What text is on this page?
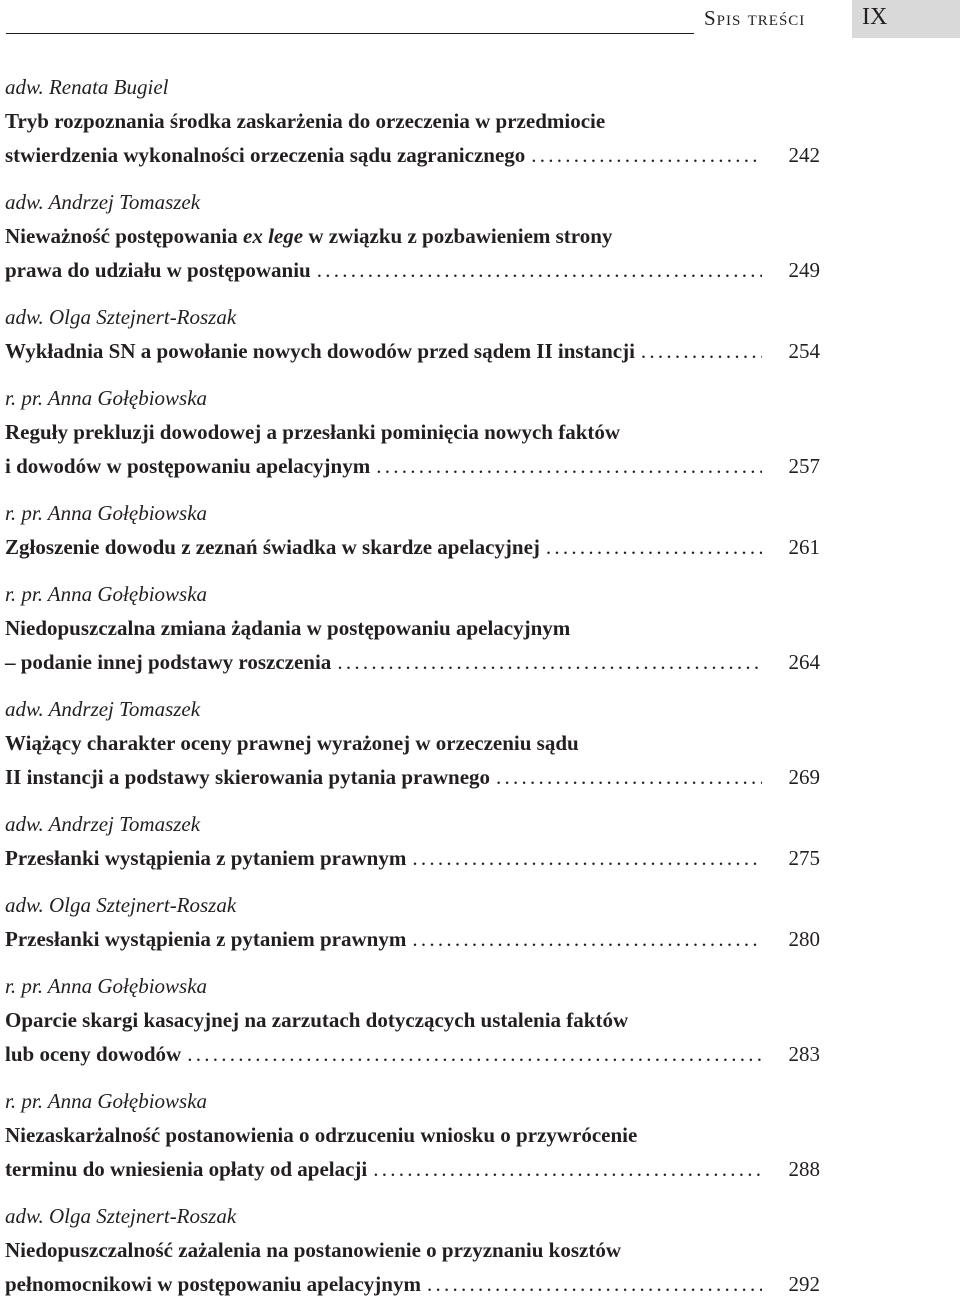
Spis treści IX
adw. Renata Bugiel
Tryb rozpoznania środka zaskarżenia do orzeczenia w przedmiocie
stwierdzenia wykonalności orzeczenia sądu zagranicznego . . .	242
adw. Andrzej Tomaszek
Nieważność postępowania ex lege w związku z pozbawieniem strony
prawa do udziału w postępowaniu . . .	249
adw. Olga Sztejnert-Roszak
Wykładnia SN a powołanie nowych dowodów przed sądem II instancji . . .	254
r. pr. Anna Gołębiowska
Reguły prekluzji dowodowej a przesłanki pominięcia nowych faktów
i dowodów w postępowaniu apelacyjnym . . .	257
r. pr. Anna Gołębiowska
Zgłoszenie dowodu z zeznań świadka w skardze apelacyjnej . . .	261
r. pr. Anna Gołębiowska
Niedopuszczalna zmiana żądania w postępowaniu apelacyjnym
– podanie innej podstawy roszczenia . . .	264
adw. Andrzej Tomaszek
Wiążący charakter oceny prawnej wyrażonej w orzeczeniu sądu
II instancji a podstawy skierowania pytania prawnego . . .	269
adw. Andrzej Tomaszek
Przesłanki wystąpienia z pytaniem prawnym . . .	275
adw. Olga Sztejnert-Roszak
Przesłanki wystąpienia z pytaniem prawnym . . .	280
r. pr. Anna Gołębiowska
Oparcie skargi kasacyjnej na zarzutach dotyczących ustalenia faktów
lub oceny dowodów . . .	283
r. pr. Anna Gołębiowska
Niezaskarżalność postanowienia o odrzuceniu wniosku o przywrócenie
terminu do wniesienia opłaty od apelacji . . .	288
adw. Olga Sztejnert-Roszak
Niedopuszczalność zażalenia na postanowienie o przyznaniu kosztów
pełnomocnikowi w postępowaniu apelacyjnym . . .	292
